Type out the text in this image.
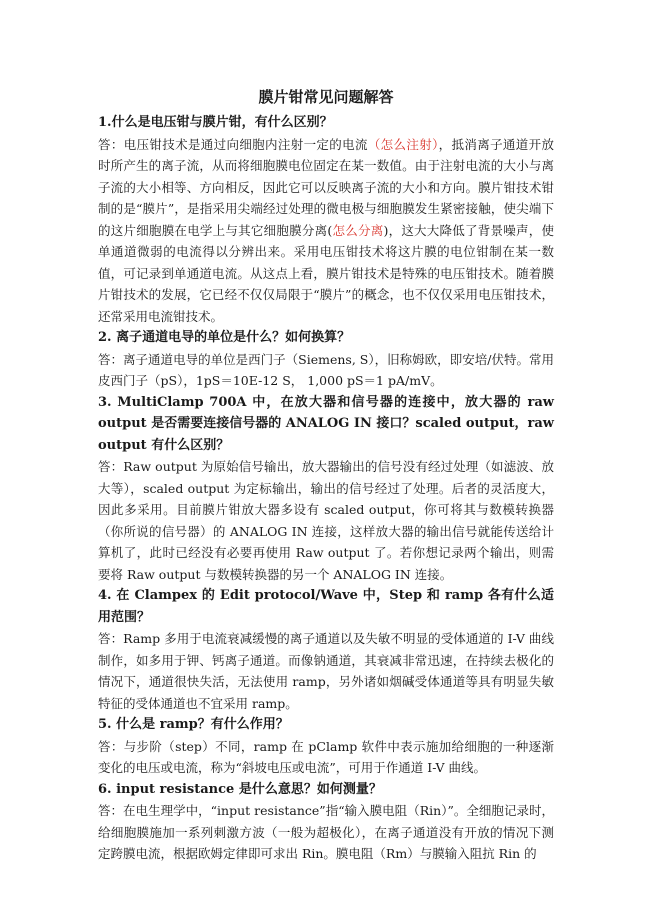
膜片钳常见问题解答

1.什么是电压钳与膜片钳，有什么区别？

答：电压钳技术是通过向细胞内注射一定的电流（怎么注射），抵消离子通道开放时所产生的离子流，从而将细胞膜电位固定在某一数值。由于注射电流的大小与离子流的大小相等、方向相反，因此它可以反映离子流的大小和方向。膜片钳技术钳制的是“膜片”，是指采用尖端经过处理的微电极与细胞膜发生紧密接触，使尖端下的这片细胞膜在电学上与其它细胞膜分离(怎么分离)，这大大降低了背景噪声，使单通道微弱的电流得以分辨出来。采用电压钳技术将这片膜的电位钳制在某一数值，可记录到单通道电流。从这点上看，膜片钳技术是特殊的电压钳技术。随着膜片钳技术的发展，它已经不仅仅局限于“膜片”的概念，也不仅仅采用电压钳技术，还常采用电流钳技术。

2. 离子通道电导的单位是什么？如何换算？

答：离子通道电导的单位是西门子（Siemens, S），旧称姆欧，即安培/伏特。常用皮西门子（pS），1pS＝10E-12 S， 1,000 pS＝1 pA/mV。

3. MultiClamp 700A 中，在放大器和信号器的连接中，放大器的 raw output 是否需要连接信号器的 ANALOG IN 接口？scaled output，raw output 有什么区别？

答：Raw output 为原始信号输出，放大器输出的信号没有经过处理（如滤波、放大等），scaled output 为定标输出，输出的信号经过了处理。后者的灵活度大，因此多采用。目前膜片钳放大器多设有 scaled output，你可将其与数模转换器（你所说的信号器）的 ANALOG IN 连接，这样放大器的输出信号就能传送给计算机了，此时已经没有必要再使用 Raw output 了。若你想记录两个输出，则需要将 Raw output 与数模转换器的另一个 ANALOG IN 连接。

4. 在 Clampex 的 Edit protocol/Wave 中，Step 和 ramp 各有什么适用范围？

答：Ramp 多用于电流衰减缓慢的离子通道以及失敏不明显的受体通道的 I-V 曲线制作，如多用于钾、钙离子通道。而像钠通道，其衰减非常迅速，在持续去极化的情况下，通道很快失活，无法使用 ramp，另外诸如烟碱受体通道等具有明显失敏特征的受体通道也不宜采用 ramp。

5. 什么是 ramp？有什么作用？

答：与步阶（step）不同，ramp 在 pClamp 软件中表示施加给细胞的一种逐渐变化的电压或电流，称为“斜坡电压或电流”，可用于作通道 I-V 曲线。

6. input resistance 是什么意思？如何测量？

答：在电生理学中，“input resistance”指“输入膜电阻（Rin）”。全细胞记录时，给细胞膜施加一系列刺激方波（一般为超极化），在离子通道没有开放的情况下测定跨膜电流，根据欧姆定律即可求出 Rin。膜电阻（Rm）与膜输入阻抗 Rin 的
